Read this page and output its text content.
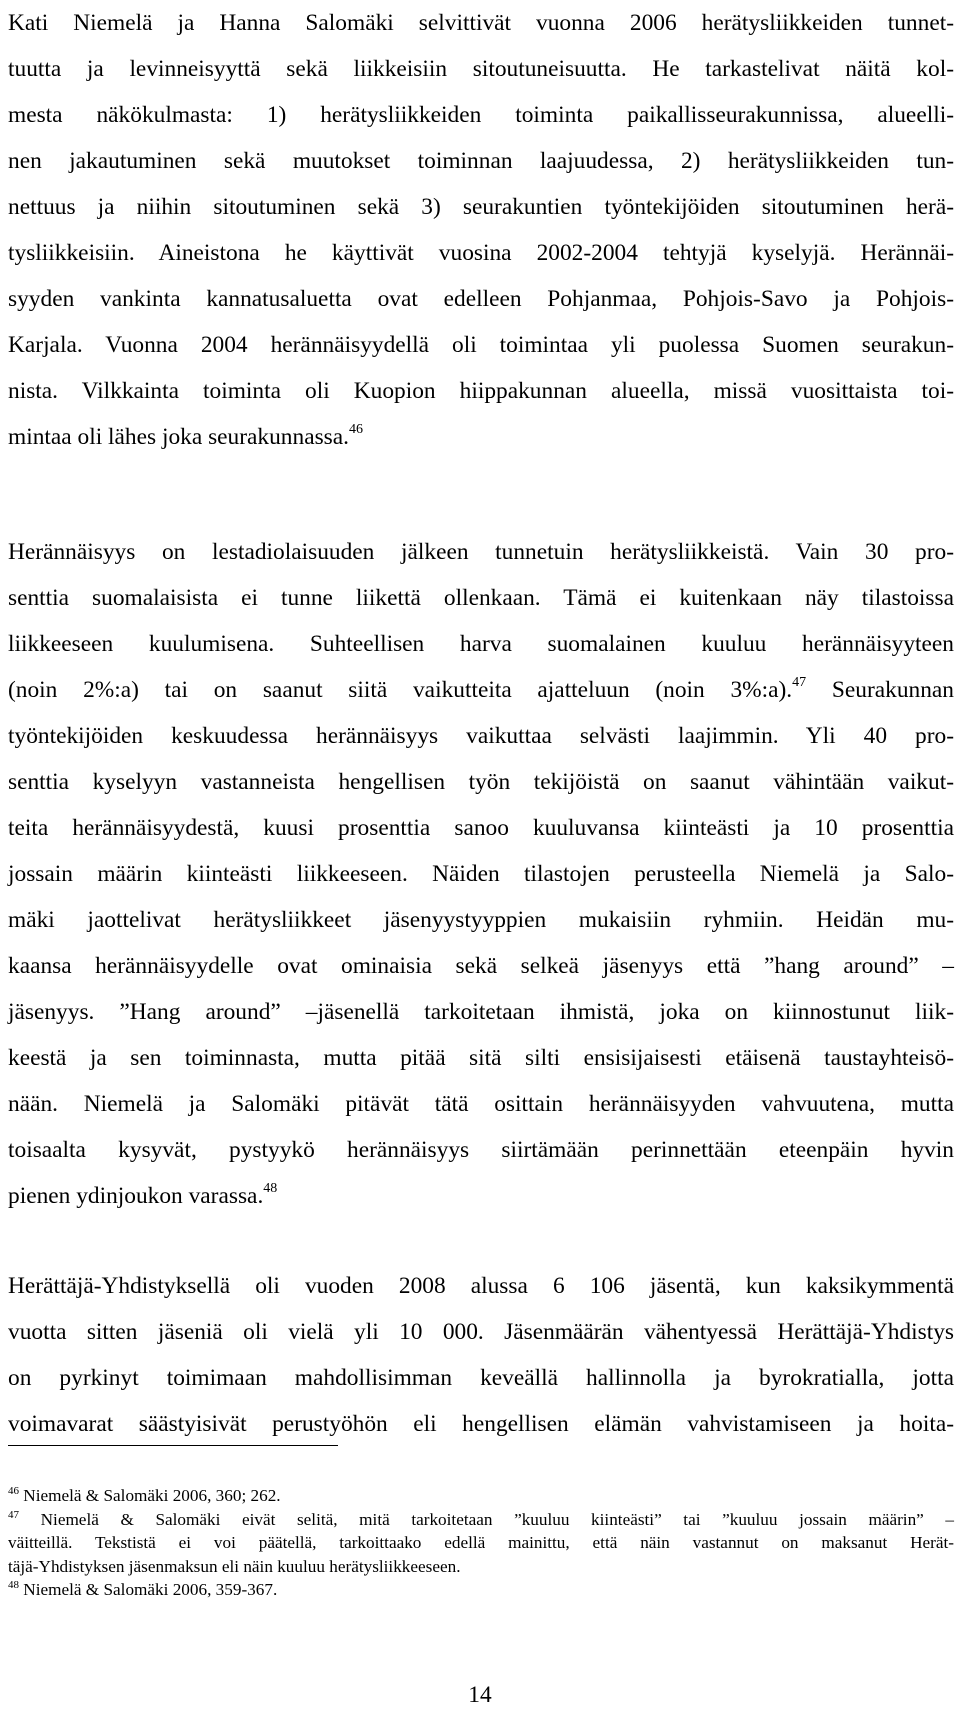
Kati Niemelä ja Hanna Salomäki selvittivät vuonna 2006 herätysliikkeiden tunnet-
tuutta ja levinneisyyttä sekä liikkeisiin sitoutuneisuutta. He tarkastelivat näitä kol-
mesta näkökulmasta: 1) herätysliikkeiden toiminta paikallisseurakunnissa, alueelli-
nen jakautuminen sekä muutokset toiminnan laajuudessa, 2) herätysliikkeiden tun-
nettuus ja niihin sitoutuminen sekä 3) seurakuntien työntekijöiden sitoutuminen herä-
tysliikkeisiin. Aineistona he käyttivät vuosina 2002-2004 tehtyjä kyselyjä. Herännäi-
syyden vankinta kannatusaluetta ovat edelleen Pohjanmaa, Pohjois-Savo ja Pohjois-
Karjala. Vuonna 2004 herännäisyydellä oli toimintaa yli puolessa Suomen seurakun-
nista. Vilkkainta toiminta oli Kuopion hiippakunnan alueella, missä vuosittaista toi-
mintaa oli lähes joka seurakunnassa.$^{46}$
Herännäisyys on lestadiolaisuuden jälkeen tunnetuin herätysliikkeistä. Vain 30 pro-
senttia suomalaisista ei tunne liikettä ollenkaan. Tämä ei kuitenkaan näy tilastoissa
liikkeeseen kuulumisena. Suhteellisen harva suomalainen kuuluu herännäisyyteen
(noin 2%:a) tai on saanut siitä vaikutteita ajatteluun (noin 3%:a).$^{47}$ Seurakunnan
työntekijöiden keskuudessa herännäisyys vaikuttaa selvästi laajimmin. Yli 40 pro-
senttia kyselyyn vastanneista hengellisen työn tekijöistä on saanut vähintään vaikut-
teita herännäisyydestä, kuusi prosenttia sanoo kuuluvansa kiinteästi ja 10 prosenttia
jossain määrin kiinteästi liikkeeseen. Näiden tilastojen perusteella Niemelä ja Salo-
mäki jaottelivat herätysliikkeet jäsenyystyyppien mukaisiin ryhmiin. Heidän mu-
kaansa herännäisyydelle ovat ominaisia sekä selkeä jäsenyys että ”hang around” –
jäsenyys. ”Hang around” –jäsenellä tarkoitetaan ihmistä, joka on kiinnostunut liik-
keestä ja sen toiminnasta, mutta pitää sitä silti ensisijaisesti etäisenä taustayhteisö-
nään. Niemelä ja Salomäki pitävät tätä osittain herännäisyyden vahvuutena, mutta
toisaalta kysyvät, pystyykö herännäisyys siirtämään perinnettään eteenpäin hyvin
pienen ydinjoukon varassa.$^{48}$
Herättäjä-Yhdistyksellä oli vuoden 2008 alussa 6 106 jäsentä, kun kaksikymmentä
vuotta sitten jäseniä oli vielä yli 10 000. Jäsenmäärän vähentyessä Herättäjä-Yhdistys
on pyrkinyt toimimaan mahdollisimman keveällä hallinnolla ja byrokratialla, jotta
voimavarat säästyisivät perustyöhön eli hengellisen elämän vahvistamiseen ja hoita-
$^{46}$ Niemelä & Salomäki 2006, 360; 262.
$^{47}$ Niemelä & Salomäki eivät selitä, mitä tarkoitetaan ”kuuluu kiinteästi” tai ”kuuluu jossain määrin” –
väitteillä. Tekstistä ei voi päätellä, tarkoittaako edellä mainittu, että näin vastannut on maksanut Herät-
täjä-Yhdistyksen jäsenmaksun eli näin kuuluu herätysliikkeeseen.
$^{48}$ Niemelä & Salomäki 2006, 359-367.
14
